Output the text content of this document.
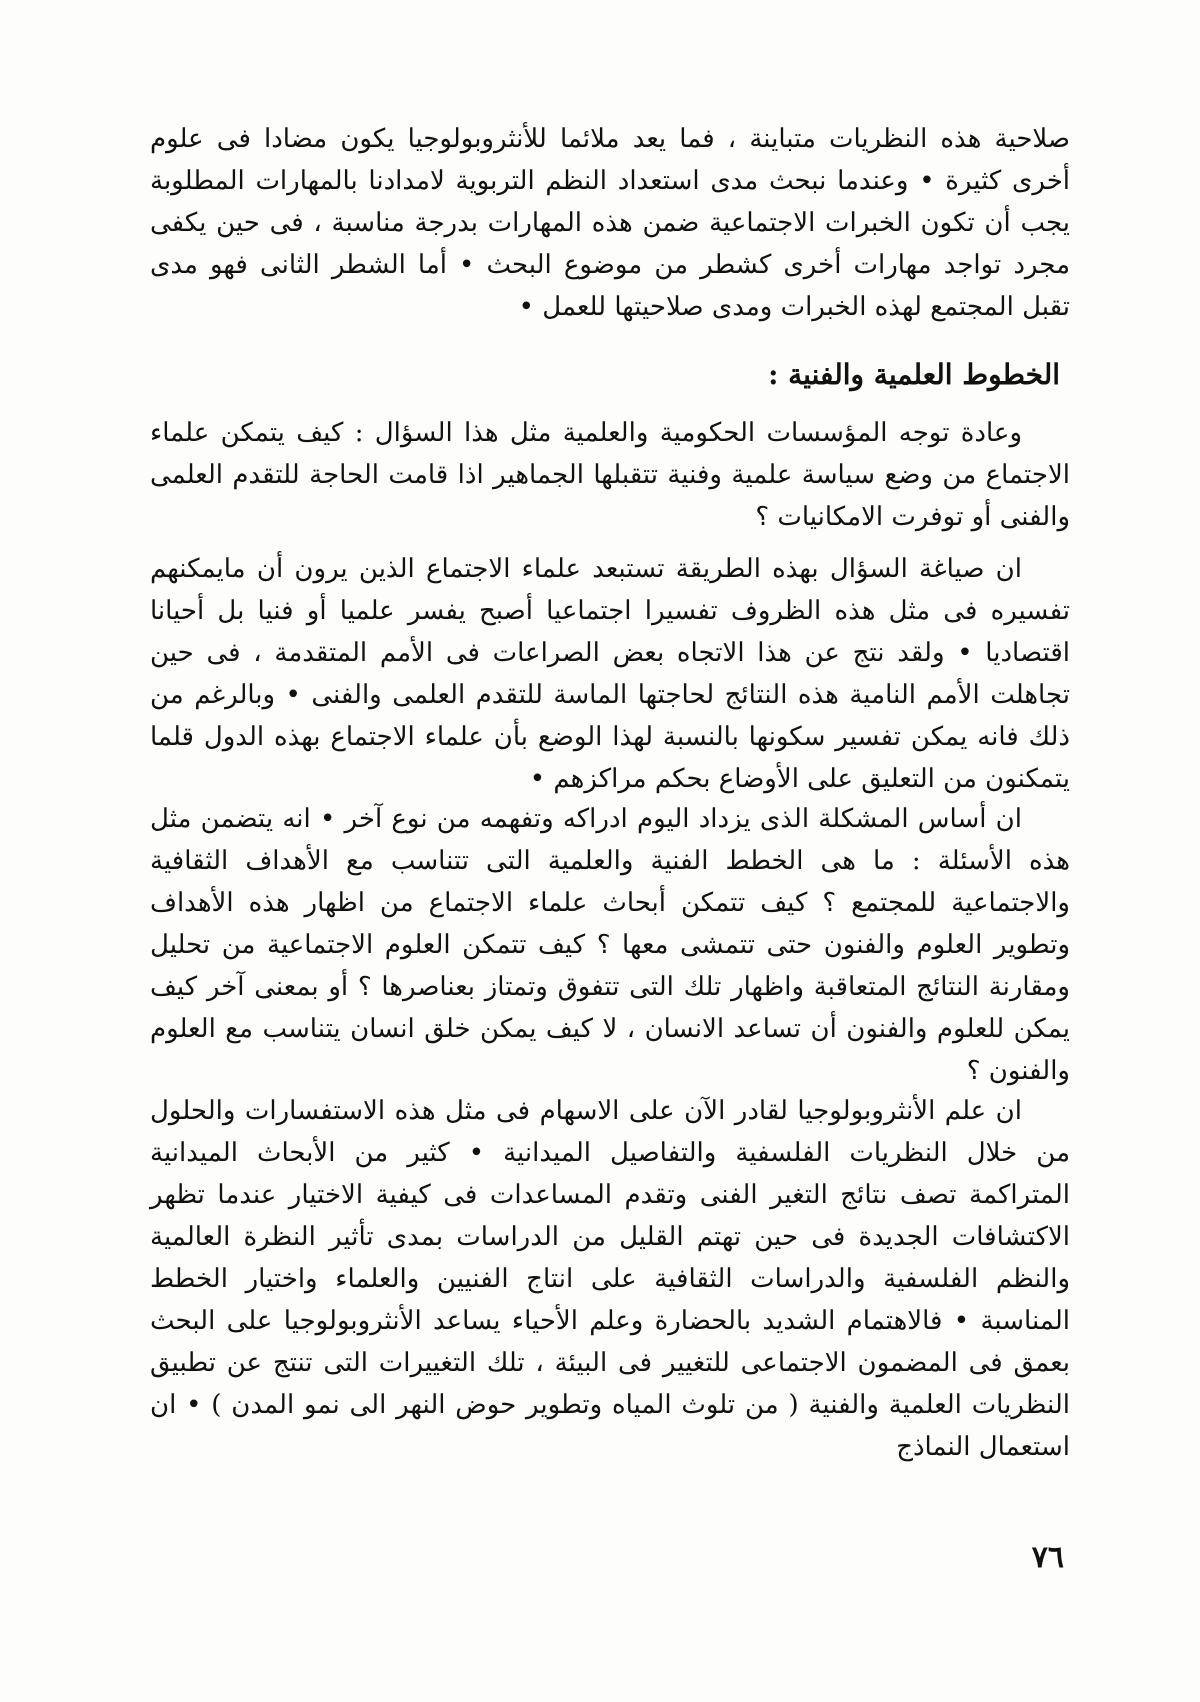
صلاحية هذه النظريات متباينة ، فما يعد ملائما للأنثروبولوجيا يكون مضادا فى علوم أخرى كثيرة • وعندما نبحث مدى استعداد النظم التربوية لامدادنا بالمهارات المطلوبة يجب أن تكون الخبرات الاجتماعية ضمن هذه المهارات بدرجة مناسبة ، فى حين يكفى مجرد تواجد مهارات أخرى كشطر من موضوع البحث • أما الشطر الثانى فهو مدى تقبل المجتمع لهذه الخبرات ومدى صلاحيتها للعمل •

الخطوط العلمية والفنية :

وعادة توجه المؤسسات الحكومية والعلمية مثل هذا السؤال : كيف يتمكن علماء الاجتماع من وضع سياسة علمية وفنية تتقبلها الجماهير اذا قامت الحاجة للتقدم العلمى والفنى أو توفرت الامكانيات ؟

ان صياغة السؤال بهذه الطريقة تستبعد علماء الاجتماع الذين يرون أن مايمكنهم تفسيره فى مثل هذه الظروف تفسيرا اجتماعيا أصبح يفسر علميا أو فنيا بل أحيانا اقتصاديا • ولقد نتج عن هذا الاتجاه بعض الصراعات فى الأمم المتقدمة ، فى حين تجاهلت الأمم النامية هذه النتائج لحاجتها الماسة للتقدم العلمى والفنى • وبالرغم من ذلك فانه يمكن تفسير سكونها بالنسبة لهذا الوضع بأن علماء الاجتماع بهذه الدول قلما يتمكنون من التعليق على الأوضاع بحكم مراكزهم •

ان أساس المشكلة الذى يزداد اليوم ادراكه وتفهمه من نوع آخر • انه يتضمن مثل هذه الأسئلة : ما هى الخطط الفنية والعلمية التى تتناسب مع الأهداف الثقافية والاجتماعية للمجتمع ؟ كيف تتمكن أبحاث علماء الاجتماع من اظهار هذه الأهداف وتطوير العلوم والفنون حتى تتمشى معها ؟ كيف تتمكن العلوم الاجتماعية من تحليل ومقارنة النتائج المتعاقبة واظهار تلك التى تتفوق وتمتاز بعناصرها ؟ أو بمعنى آخر كيف يمكن للعلوم والفنون أن تساعد الانسان ، لا كيف يمكن خلق انسان يتناسب مع العلوم والفنون ؟

ان علم الأنثروبولوجيا لقادر الآن على الاسهام فى مثل هذه الاستفسارات والحلول من خلال النظريات الفلسفية والتفاصيل الميدانية • كثير من الأبحاث الميدانية المتراكمة تصف نتائج التغير الفنى وتقدم المساعدات فى كيفية الاختيار عندما تظهر الاكتشافات الجديدة فى حين تهتم القليل من الدراسات بمدى تأثير النظرة العالمية والنظم الفلسفية والدراسات الثقافية على انتاج الفنيين والعلماء واختيار الخطط المناسبة • فالاهتمام الشديد بالحضارة وعلم الأحياء يساعد الأنثروبولوجيا على البحث بعمق فى المضمون الاجتماعى للتغيير فى البيئة ، تلك التغييرات التى تنتج عن تطبيق النظريات العلمية والفنية ( من تلوث المياه وتطوير حوض النهر الى نمو المدن ) • ان استعمال النماذج

٧٦
